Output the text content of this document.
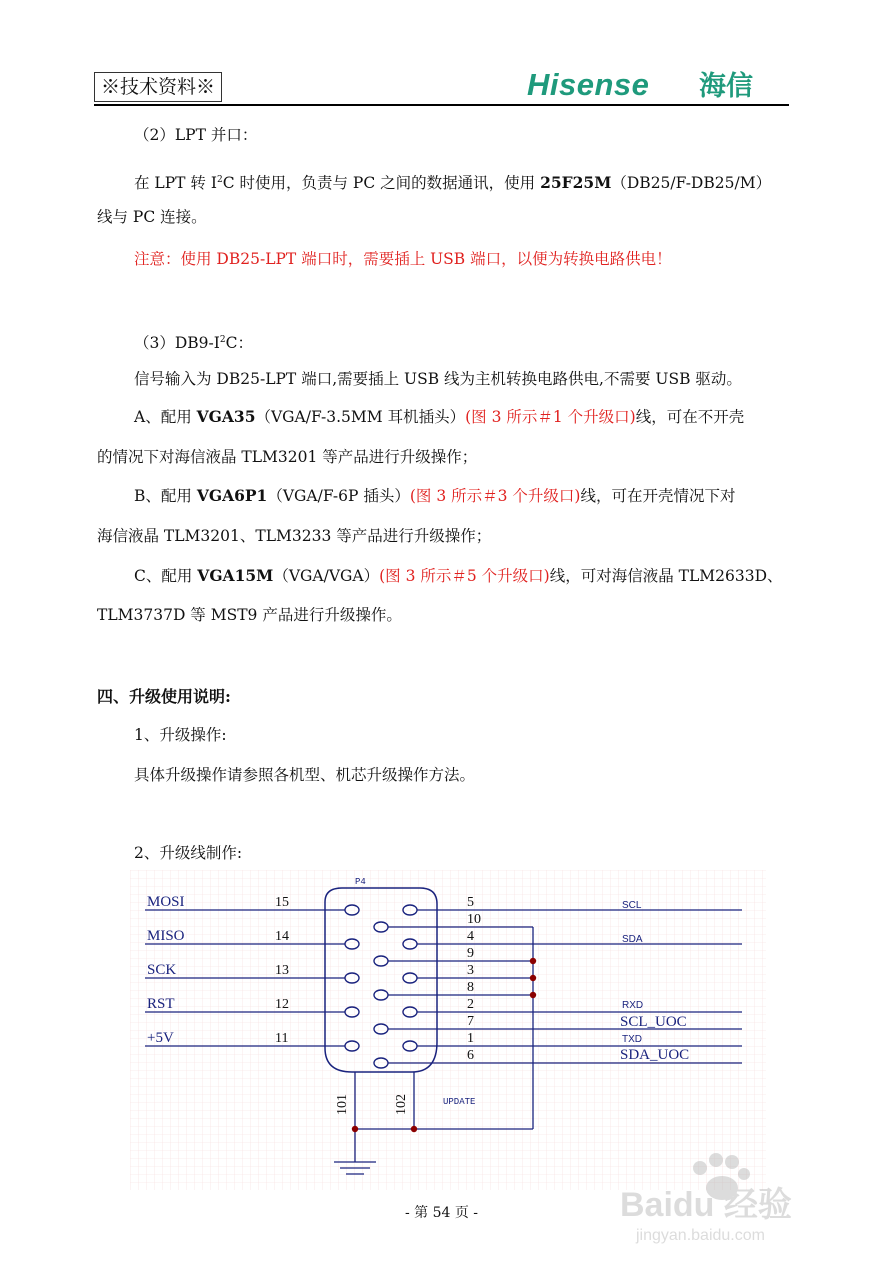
※技术资料※	Hisense 海信
（2）LPT 并口：
在 LPT 转 $I^2C$ 时使用，负责与 PC 之间的数据通讯，使用 25F25M（DB25/F-DB25/M）
线与 PC 连接。
注意：使用 DB25-LPT 端口时，需要插上 USB 端口，以便为转换电路供电！
$(3)DB9-I^2C$：
信号输入为 DB25-LPT 端口,需要插上 USB 线为主机转换电路供电,不需要 USB 驱动。
A、配用 VGA35（VGA/F-3.5MM 耳机插头）(图 3 所示＃1 个升级口)线，可在不开壳
的情况下对海信液晶 TLM3201 等产品进行升级操作；
B、配用 VGA6P1（VGA/F-6P 插头）(图 3 所示＃3 个升级口)线，可在开壳情况下对
海信液晶 TLM3201、TLM3233 等产品进行升级操作；
C、配用 VGA15M（VGA/VGA）(图 3 所示＃5 个升级口)线，可对海信液晶 TLM2633D、
TLM3737D 等 MST9 产品进行升级操作。
四、升级使用说明:
1、升级操作:
具体升级操作请参照各机型、机芯升级操作方法。
2、升级线制作:
P4
MOSI
MISO
SCK
RST
+5V
15
14
13
12
11
5
10
4
9
3
8
2
7
1
6
SCL
SDA
RXD
SCL_UOC
TXD
SDA_UOC
101	102	UPDATE
- 第 54 页 -	Baidu 经验
jingyan.baidu.com
